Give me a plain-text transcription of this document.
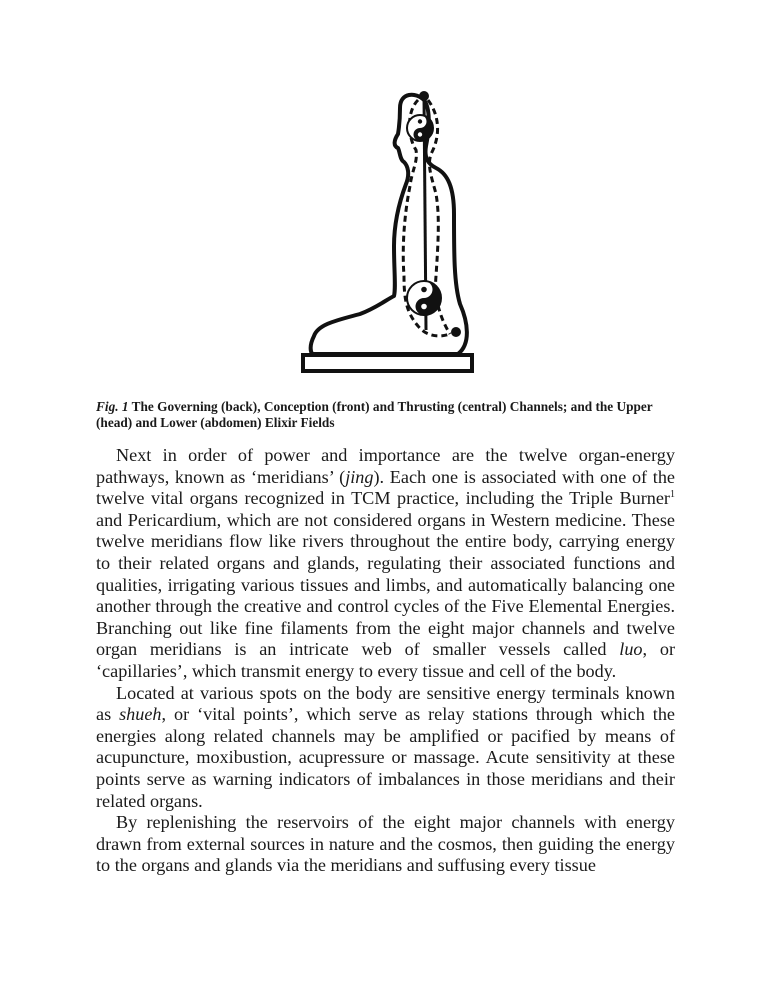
Fig. 1 The Governing (back), Conception (front) and Thrusting (central) Channels; and the Upper (head) and Lower (abdomen) Elixir Fields

Next in order of power and importance are the twelve organ-energy pathways, known as ‘meridians’ (jing). Each one is associated with one of the twelve vital organs recognized in TCM practice, including the Triple Burner$^1$ and Pericardium, which are not considered organs in Western medicine. These twelve meridians flow like rivers throughout the entire body, carrying energy to their related organs and glands, regulating their associated functions and qualities, irrigating various tissues and limbs, and automatically balancing one another through the creative and control cycles of the Five Elemental Energies. Branching out like fine filaments from the eight major channels and twelve organ meridians is an intricate web of smaller vessels called luo, or ‘capillaries’, which transmit energy to every tissue and cell of the body.

Located at various spots on the body are sensitive energy terminals known as shueh, or ‘vital points’, which serve as relay stations through which the energies along related channels may be amplified or pacified by means of acupuncture, moxibustion, acupressure or massage. Acute sensitivity at these points serve as warning indicators of imbalances in those meridians and their related organs.

By replenishing the reservoirs of the eight major channels with energy drawn from external sources in nature and the cosmos, then guiding the energy to the organs and glands via the meridians and suffusing every tissue
